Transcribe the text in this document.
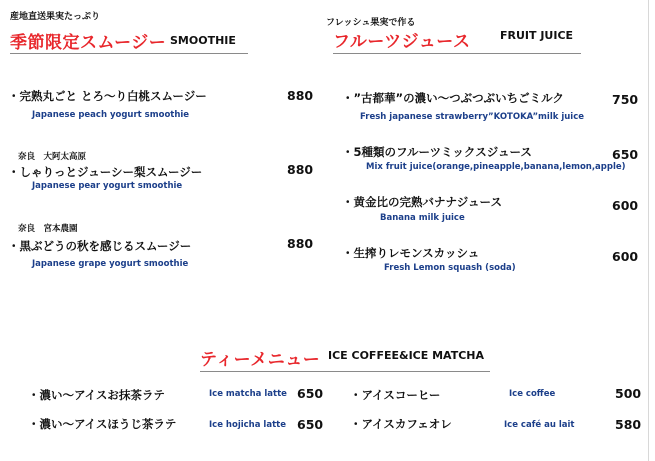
産地直送果実たっぷり
季節限定スムージー SMOOTHIE
・完熟丸ごと とろ～り白桃スムージー
Japanese peach yogurt smoothie
880
奈良　大阿太高原
・しゃりっとジューシー梨スムージー
Japanese pear yogurt smoothie
880
奈良　宮本農園
・黒ぶどうの秋を感じるスムージー
Japanese grape yogurt smoothie
880
フレッシュ果実で作る
フルーツジュース	FRUIT JUICE
・”古都華”の濃い～つぶつぶいちごミルク
Fresh japanese strawberry”KOTOKA”milk juice
750
・5種類のフルーツミックスジュース
Mix fruit juice(orange,pineapple,banana,lemon,apple)
650
・黄金比の完熟バナナジュース
Banana milk juice
600
・生搾りレモンスカッシュ
Fresh Lemon squash (soda)
600
ティーメニュー ICE COFFEE&ICE MATCHA
・濃い～アイスお抹茶ラテ	Ice matcha latte 650
・濃い～アイスほうじ茶ラテ	Ice hojicha latte 650
・アイスコーヒー	Ice coffee	500
・アイスカフェオレ	Ice café au lait	580
